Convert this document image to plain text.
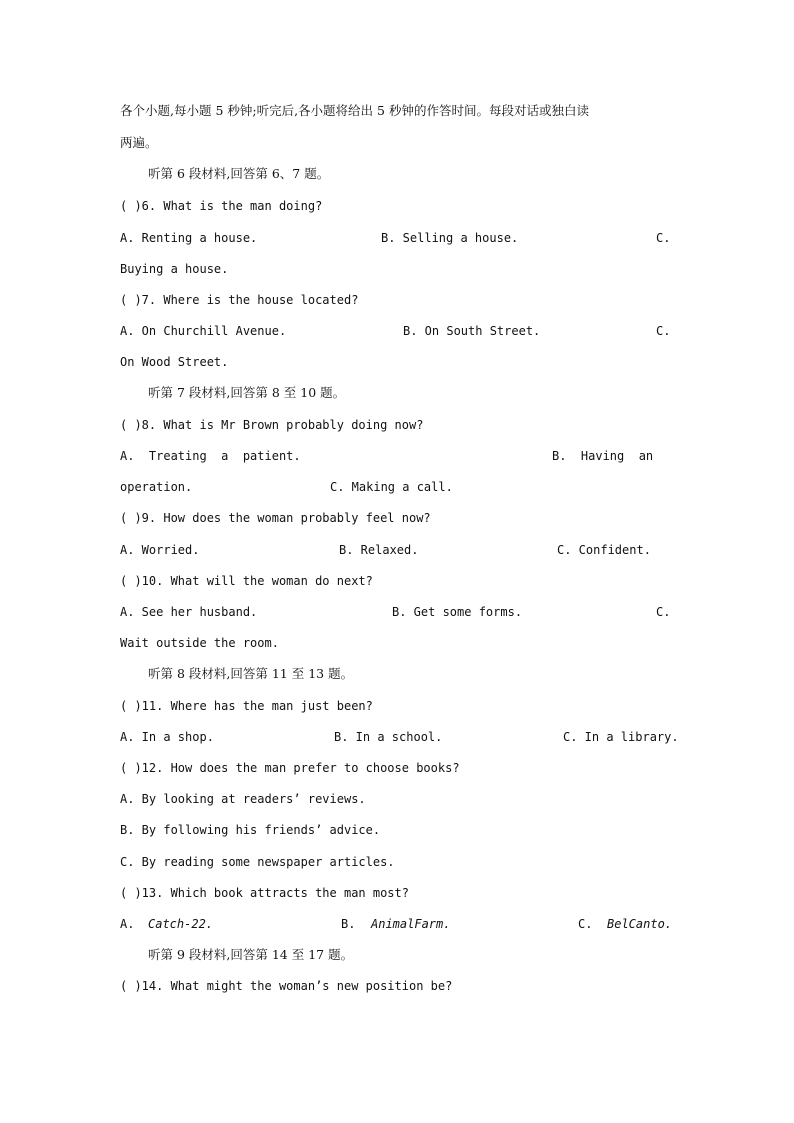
各个小题,每小题 5 秒钟;听完后,各小题将给出 5 秒钟的作答时间。每段对话或独白读
两遍。
听第 6 段材料,回答第 6、7 题。
( )6. What is the man doing?
A. Renting a house.	B. Selling a house.	C.
Buying a house.
( )7. Where is the house located?
A. On Churchill Avenue.	B. On South Street.	C.
On Wood Street.
听第 7 段材料,回答第 8 至 10 题。
( )8. What is Mr Brown probably doing now?
A.  Treating  a  patient.	B.  Having  an
operation.	C. Making a call.
( )9. How does the woman probably feel now?
A. Worried.	B. Relaxed.	C. Confident.
( )10. What will the woman do next?
A. See her husband.	B. Get some forms.	C.
Wait outside the room.
听第 8 段材料,回答第 11 至 13 题。
( )11. Where has the man just been?
A. In a shop.	B. In a school.	C. In a library.
( )12. How does the man prefer to choose books?
A. By looking at readers’ reviews.
B. By following his friends’ advice.
C. By reading some newspaper articles.
( )13. Which book attracts the man most?
A. Catch-22.	B. AnimalFarm.	C. BelCanto.
听第 9 段材料,回答第 14 至 17 题。
( )14. What might the woman’s new position be?
